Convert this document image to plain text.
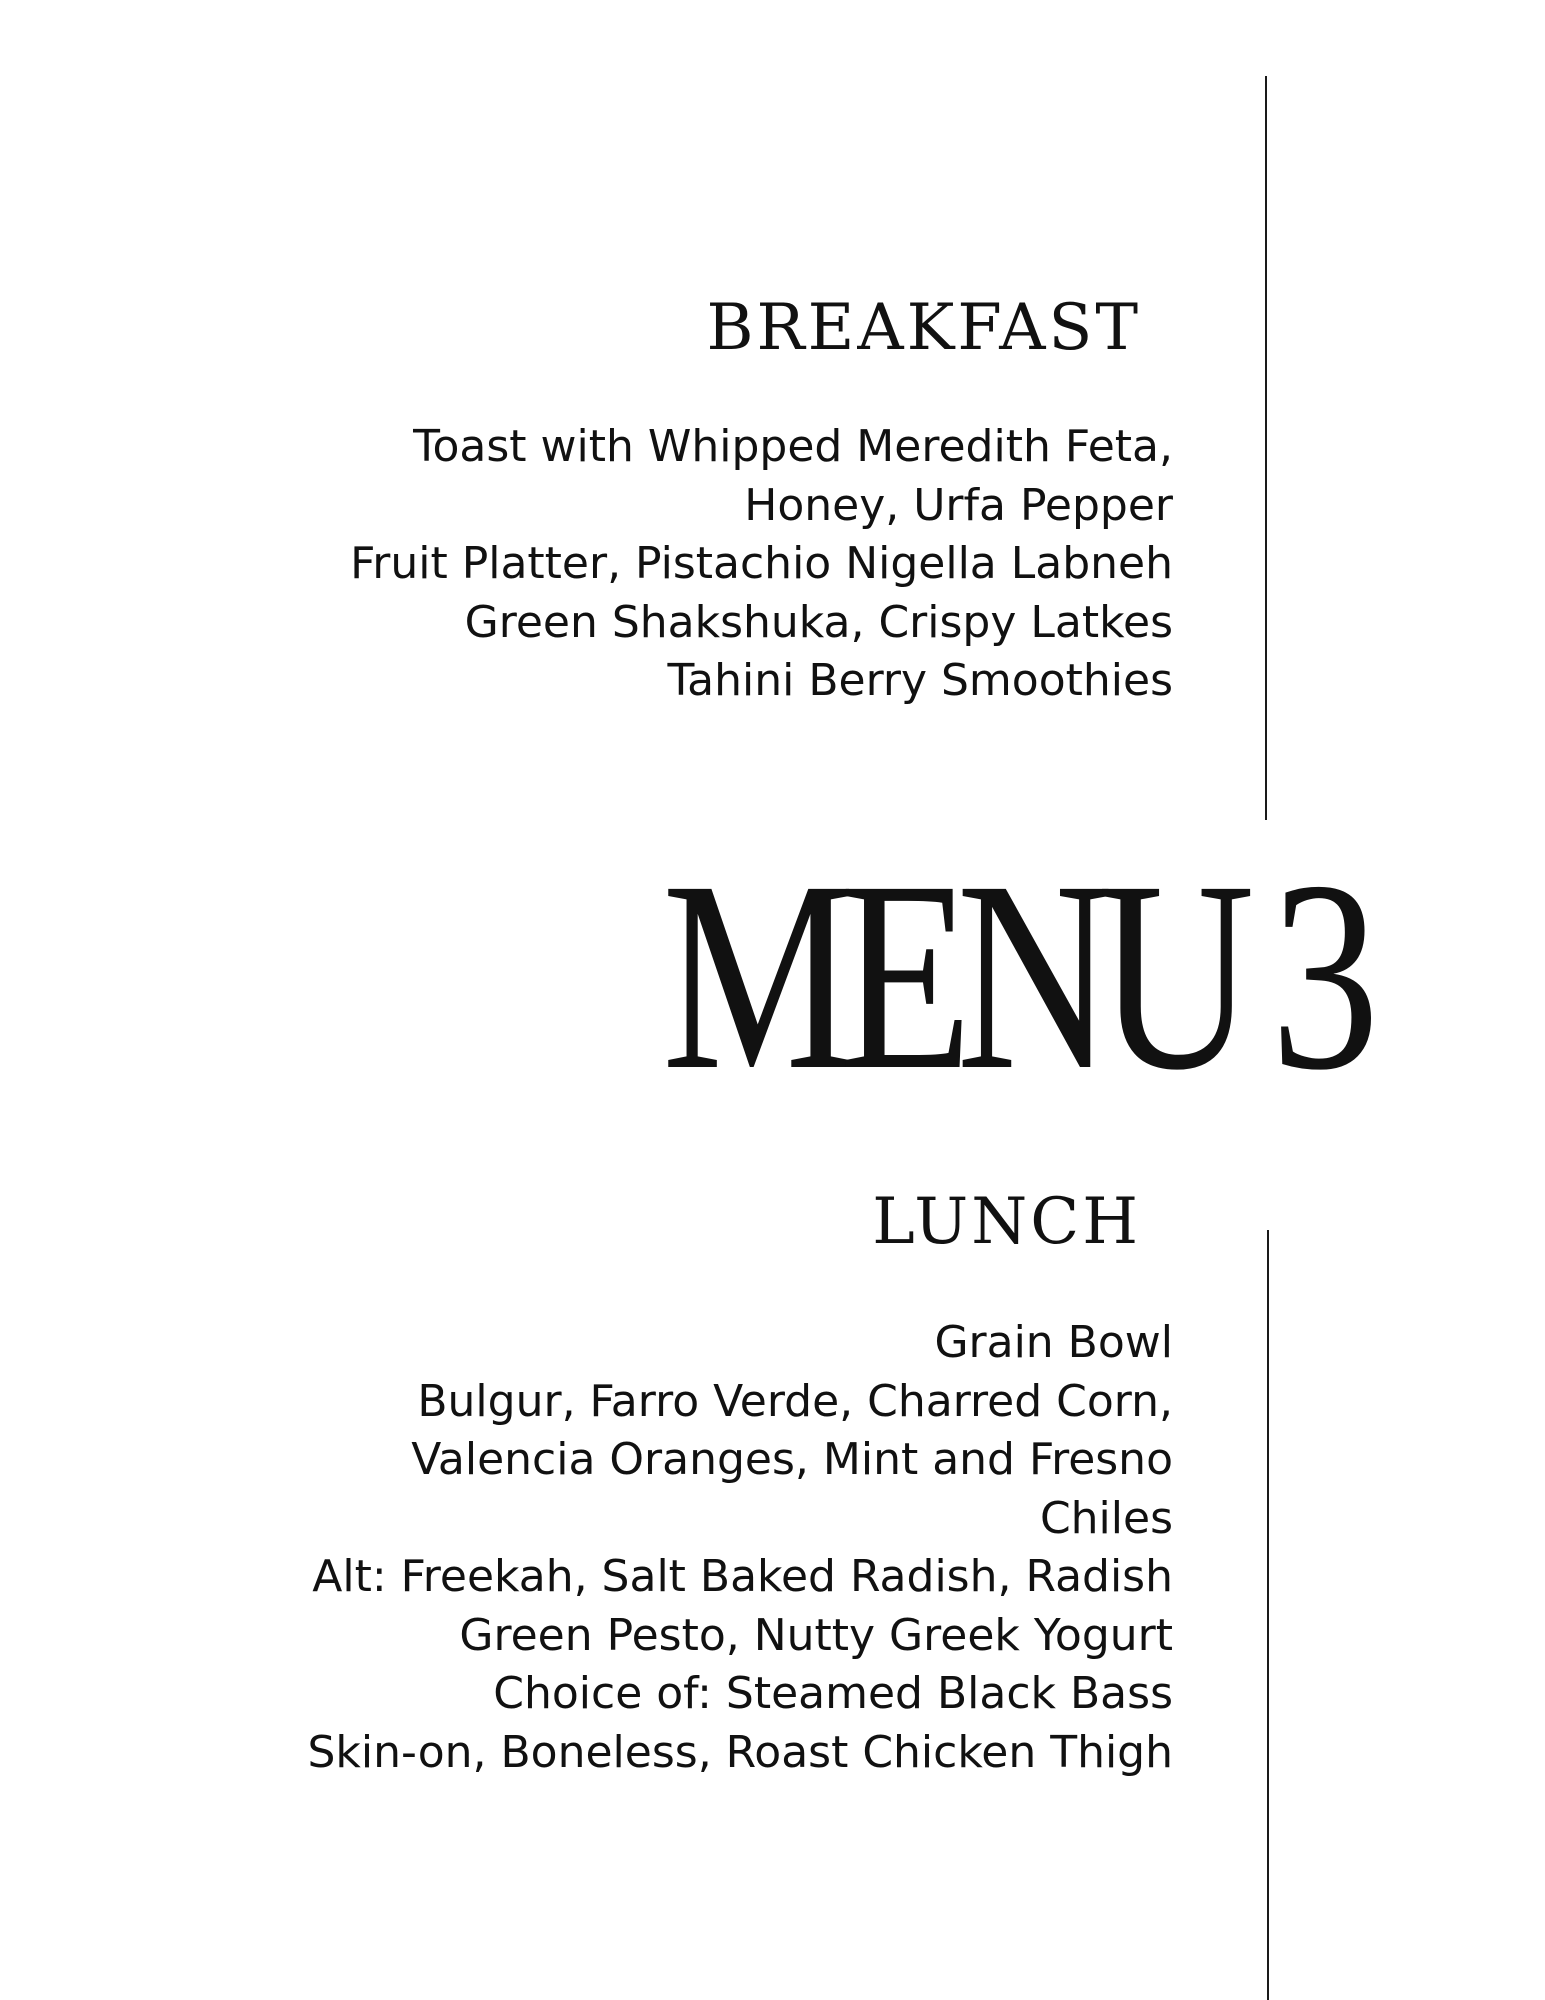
BREAKFAST
Toast with Whipped Meredith Feta,
Honey, Urfa Pepper
Fruit Platter, Pistachio Nigella Labneh
Green Shakshuka, Crispy Latkes
Tahini Berry Smoothies
MENU 3
LUNCH
Grain Bowl
Bulgur, Farro Verde, Charred Corn,
Valencia Oranges, Mint and Fresno
Chiles
Alt: Freekah, Salt Baked Radish, Radish
Green Pesto, Nutty Greek Yogurt
Choice of: Steamed Black Bass
Skin-on, Boneless, Roast Chicken Thigh
